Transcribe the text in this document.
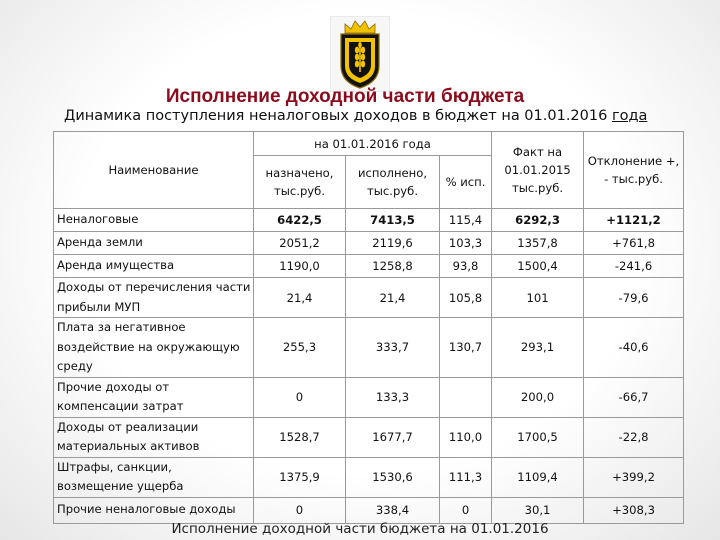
Исполнение доходной части бюджета
Динамика поступления неналоговых доходов в бюджет на 01.01.2016 года
Наименование	на 01.01.2016 года			Факт на 01.01.2015 тыс.руб.	Отклонение +, - тыс.руб.
	назначено, тыс.руб.	исполнено, тыс.руб.	% исп.		
Неналоговые	6422,5	7413,5	115,4	6292,3	+1121,2
Аренда земли	2051,2	2119,6	103,3	1357,8	+761,8
Аренда имущества	1190,0	1258,8	93,8	1500,4	-241,6
Доходы от перечисления части прибыли МУП	21,4	21,4	105,8	101	-79,6
Плата за негативное воздействие на окружающую среду	255,3	333,7	130,7	293,1	-40,6
Прочие доходы от компенсации затрат	0	133,3		200,0	-66,7
Доходы от реализации материальных активов	1528,7	1677,7	110,0	1700,5	-22,8
Штрафы, санкции, возмещение ущерба	1375,9	1530,6	111,3	1109,4	+399,2
Прочие неналоговые доходы	0	338,4	0	30,1	+308,3
Исполнение доходной части бюджета на 01.01.2016
